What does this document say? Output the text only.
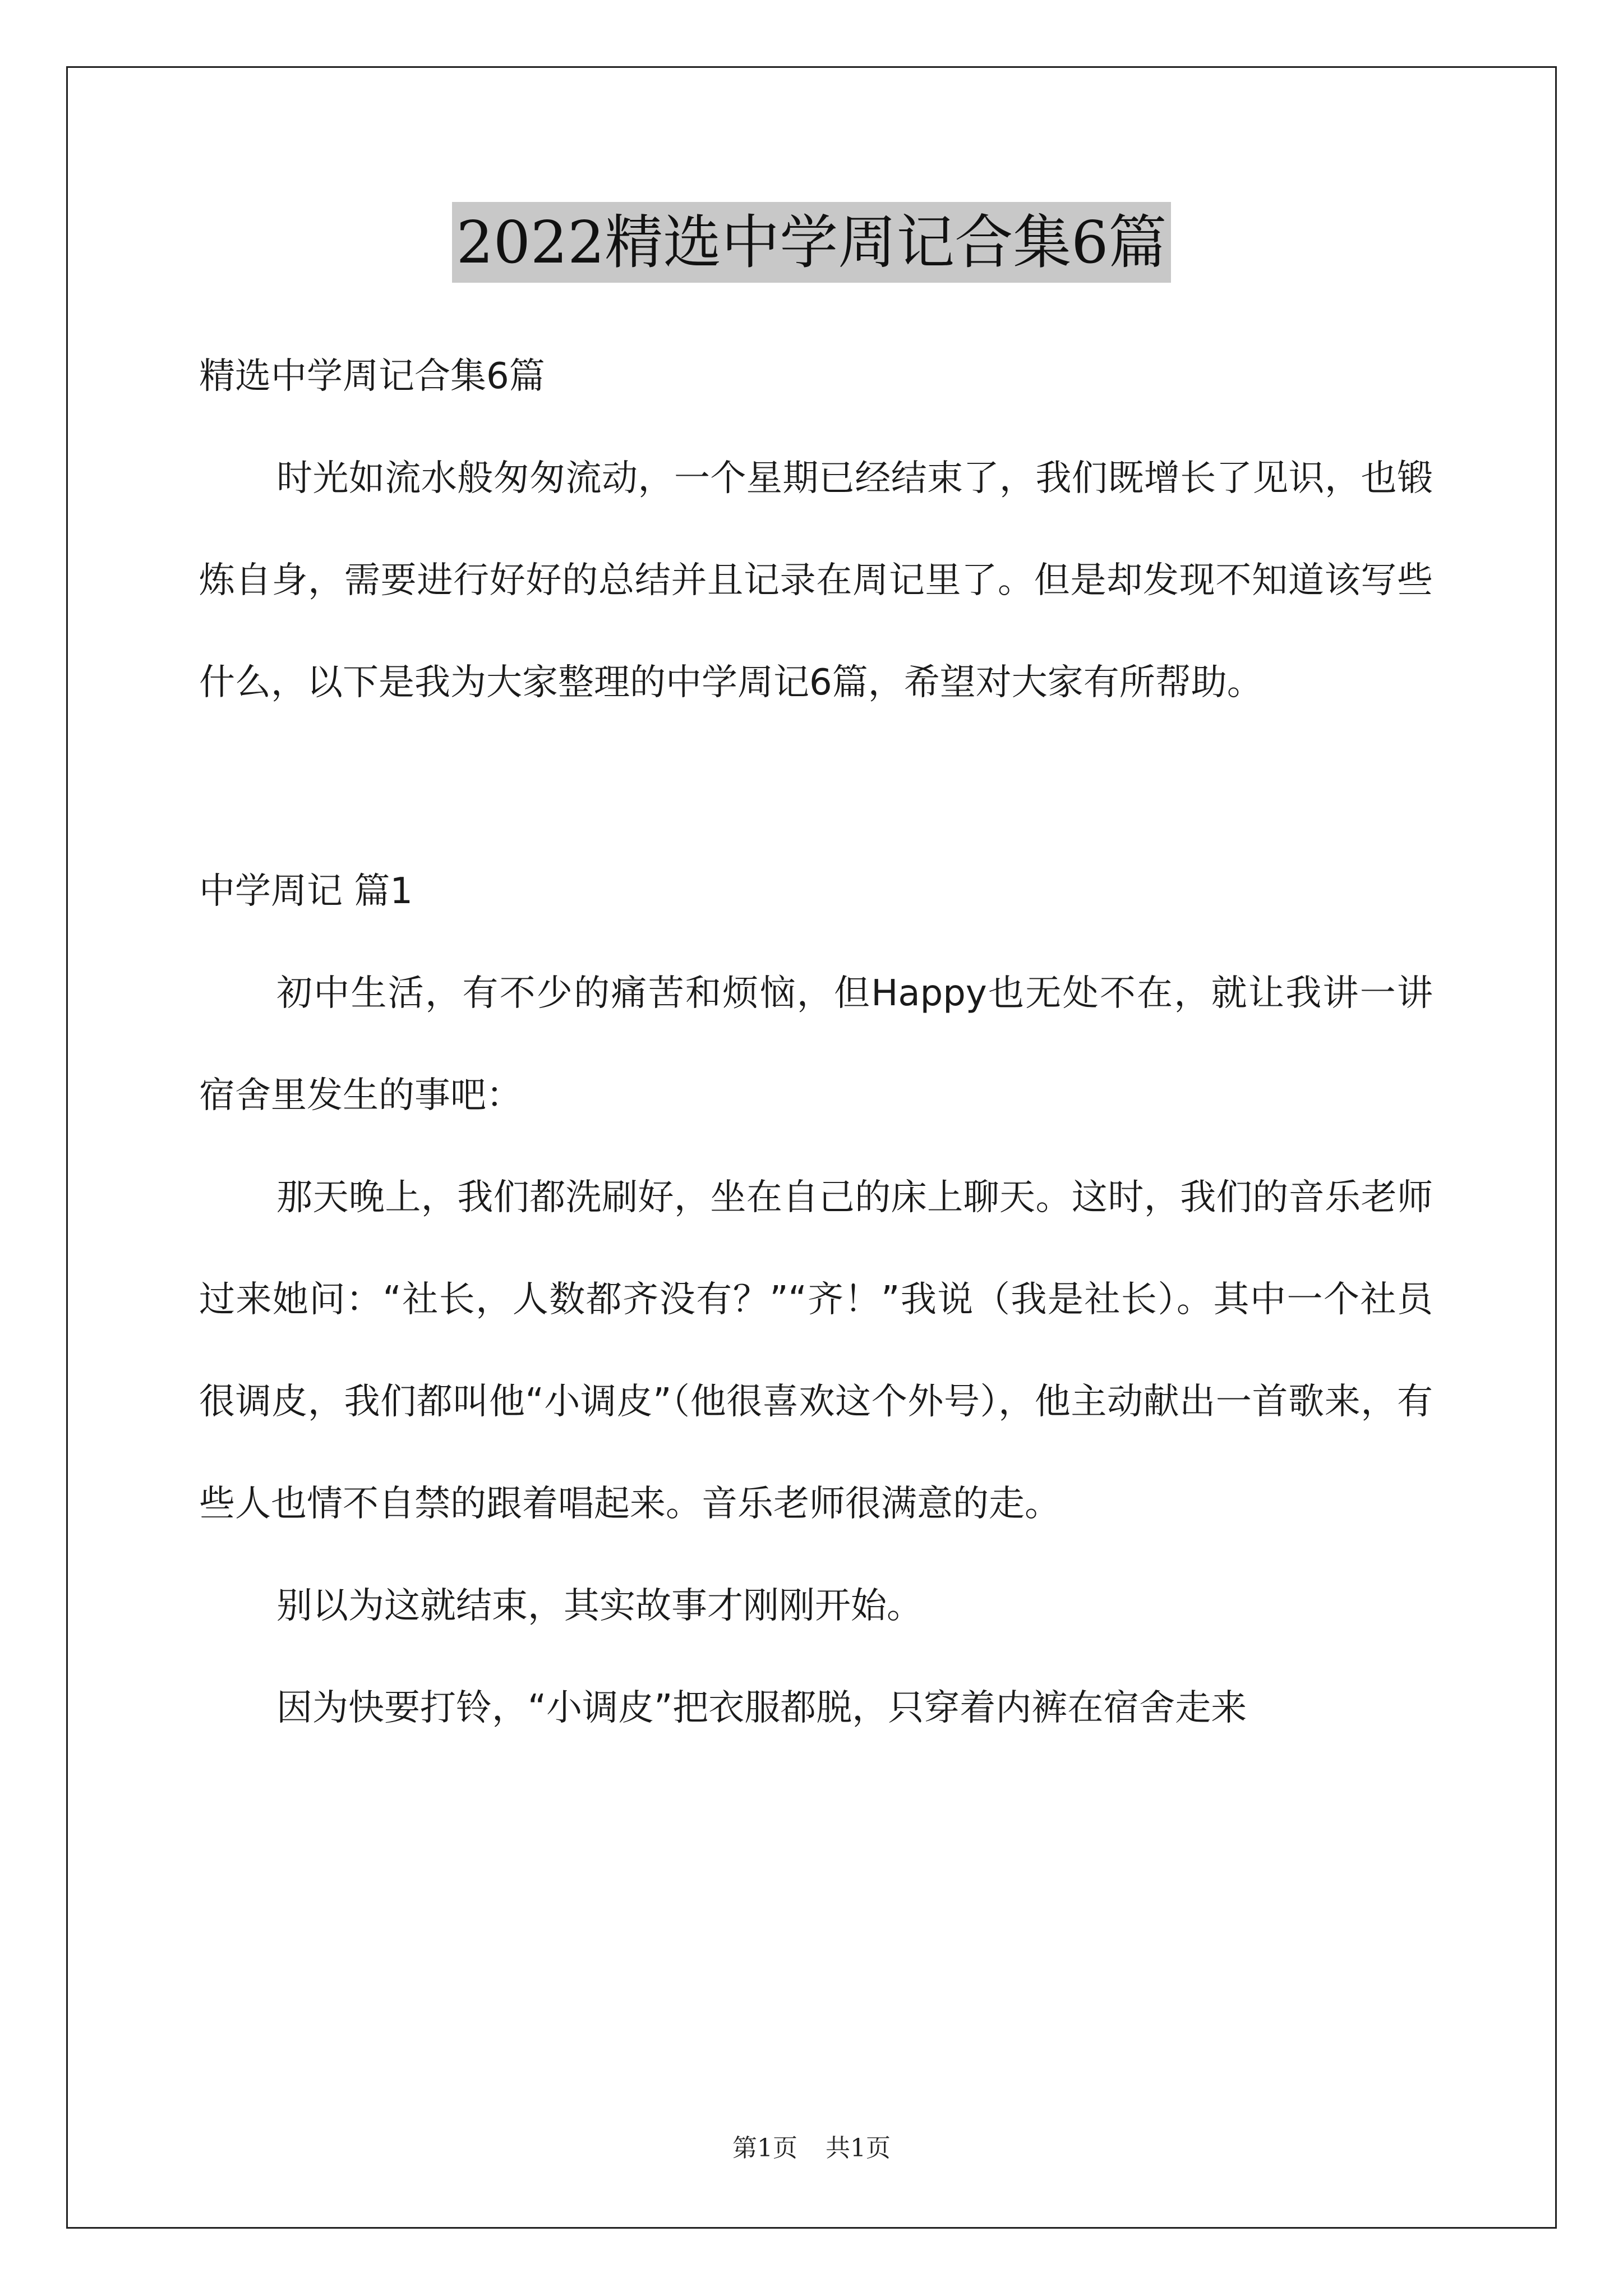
2022精选中学周记合集6篇

精选中学周记合集6篇

时光如流水般匆匆流动，一个星期已经结束了，我们既增长了见识，也锻炼自身，需要进行好好的总结并且记录在周记里了。但是却发现不知道该写些什么，以下是我为大家整理的中学周记6篇，希望对大家有所帮助。

中学周记 篇1

初中生活，有不少的痛苦和烦恼，但Happy也无处不在，就让我讲一讲宿舍里发生的事吧：

那天晚上，我们都洗刷好，坐在自己的床上聊天。这时，我们的音乐老师过来她问：“社长，人数都齐没有？”“齐！”我说（我是社长）。其中一个社员很调皮，我们都叫他“小调皮”（他很喜欢这个外号），他主动献出一首歌来，有些人也情不自禁的跟着唱起来。音乐老师很满意的走。

别以为这就结束，其实故事才刚刚开始。

因为快要打铃，“小调皮”把衣服都脱，只穿着内裤在宿舍走来

第1页 共1页
